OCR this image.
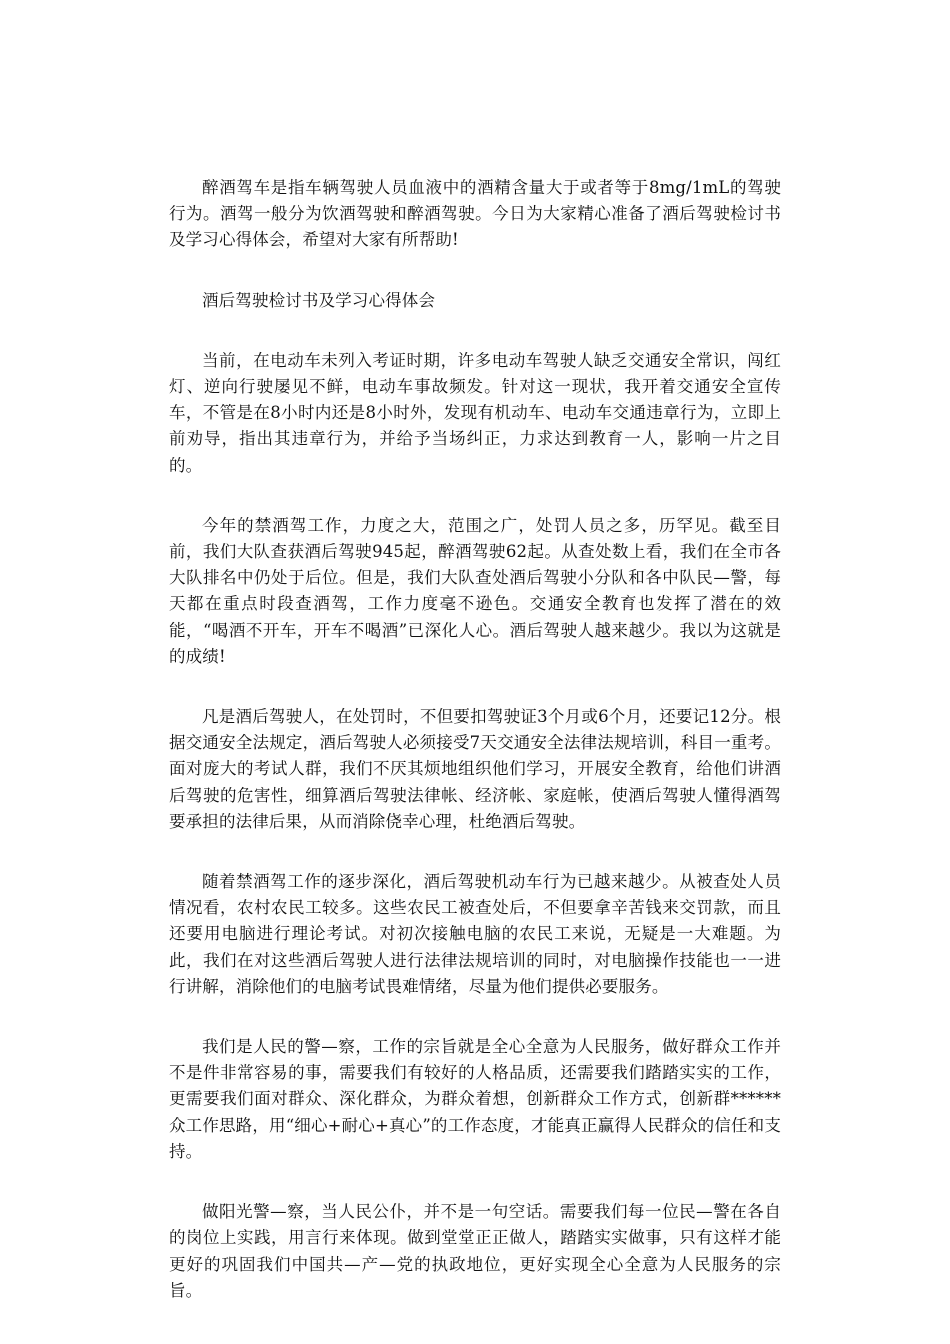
醉酒驾车是指车辆驾驶人员血液中的酒精含量大于或者等于8mg/1mL的驾驶行为。酒驾一般分为饮酒驾驶和醉酒驾驶。今日为大家精心准备了酒后驾驶检讨书及学习心得体会，希望对大家有所帮助!

酒后驾驶检讨书及学习心得体会

当前，在电动车未列入考证时期，许多电动车驾驶人缺乏交通安全常识，闯红灯、逆向行驶屡见不鲜，电动车事故频发。针对这一现状，我开着交通安全宣传车，不管是在8小时内还是8小时外，发现有机动车、电动车交通违章行为，立即上前劝导，指出其违章行为，并给予当场纠正，力求达到教育一人，影响一片之目的。

今年的禁酒驾工作，力度之大，范围之广，处罚人员之多，历罕见。截至目前，我们大队查获酒后驾驶945起，醉酒驾驶62起。从查处数上看，我们在全市各大队排名中仍处于后位。但是，我们大队查处酒后驾驶小分队和各中队民—警，每天都在重点时段查酒驾，工作力度毫不逊色。交通安全教育也发挥了潜在的效能，“喝酒不开车，开车不喝酒”已深化人心。酒后驾驶人越来越少。我以为这就是的成绩!

凡是酒后驾驶人，在处罚时，不但要扣驾驶证3个月或6个月，还要记12分。根据交通安全法规定，酒后驾驶人必须接受7天交通安全法律法规培训，科目一重考。面对庞大的考试人群，我们不厌其烦地组织他们学习，开展安全教育，给他们讲酒后驾驶的危害性，细算酒后驾驶法律帐、经济帐、家庭帐，使酒后驾驶人懂得酒驾要承担的法律后果，从而消除侥幸心理，杜绝酒后驾驶。

随着禁酒驾工作的逐步深化，酒后驾驶机动车行为已越来越少。从被查处人员情况看，农村农民工较多。这些农民工被查处后，不但要拿辛苦钱来交罚款，而且还要用电脑进行理论考试。对初次接触电脑的农民工来说，无疑是一大难题。为此，我们在对这些酒后驾驶人进行法律法规培训的同时，对电脑操作技能也一一进行讲解，消除他们的电脑考试畏难情绪，尽量为他们提供必要服务。

我们是人民的警—察，工作的宗旨就是全心全意为人民服务，做好群众工作并不是件非常容易的事，需要我们有较好的人格品质，还需要我们踏踏实实的工作，更需要我们面对群众、深化群众，为群众着想，创新群众工作方式，创新群******众工作思路，用“细心+耐心+真心”的工作态度，才能真正赢得人民群众的信任和支持。

做阳光警—察，当人民公仆，并不是一句空话。需要我们每一位民—警在各自的岗位上实践，用言行来体现。做到堂堂正正做人，踏踏实实做事，只有这样才能更好的巩固我们中国共—产—党的执政地位，更好实现全心全意为人民服务的宗旨。
